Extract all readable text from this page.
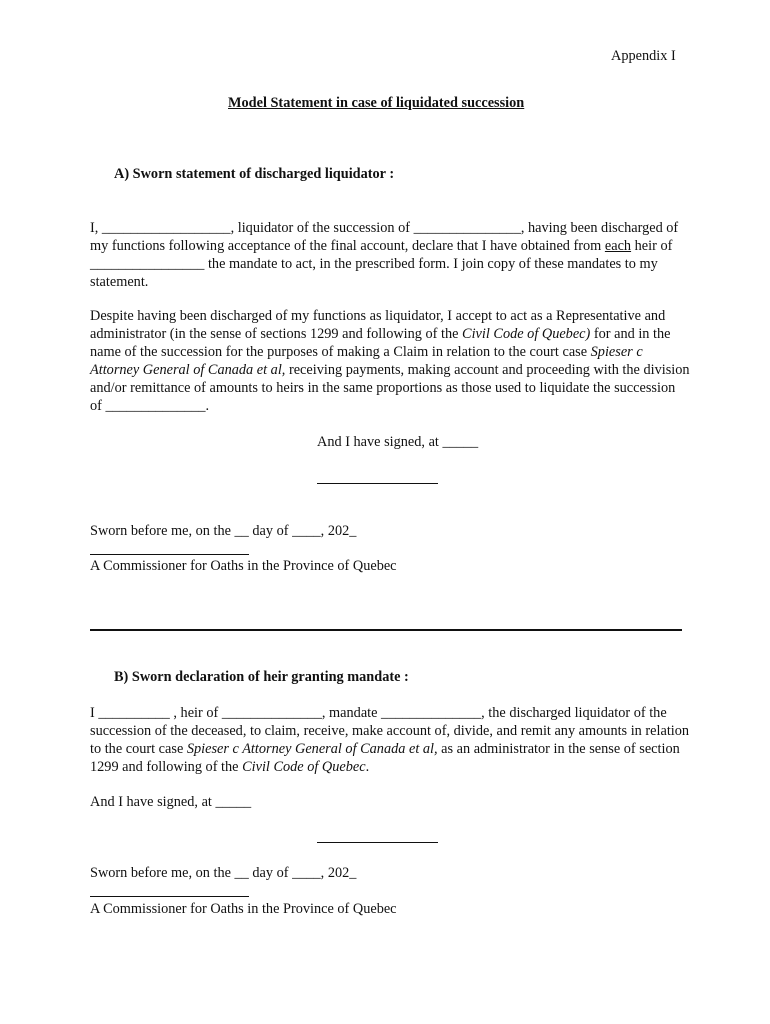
Appendix I
Model Statement in case of liquidated succession
A) Sworn statement of discharged liquidator :
I, __________________, liquidator of the succession of _______________, having been discharged of my functions following acceptance of the final account, declare that I have obtained from each heir of ________________ the mandate to act, in the prescribed form. I join copy of these mandates to my statement.
Despite having been discharged of my functions as liquidator, I accept to act as a Representative and administrator (in the sense of sections 1299 and following of the Civil Code of Quebec) for and in the name of the succession for the purposes of making a Claim in relation to the court case Spieser c Attorney General of Canada et al, receiving payments, making account and proceeding with the division and/or remittance of amounts to heirs in the same proportions as those used to liquidate the succession of ______________.
And I have signed, at _____
Sworn before me, on the __ day of ____, 202_
A Commissioner for Oaths in the Province of Quebec
B) Sworn declaration of heir granting mandate :
I __________ , heir of ______________, mandate ______________, the discharged liquidator of the succession of the deceased, to claim, receive, make account of, divide, and remit any amounts in relation to the court case Spieser c Attorney General of Canada et al, as an administrator in the sense of section 1299 and following of the Civil Code of Quebec.
And I have signed, at _____
Sworn before me, on the __ day of ____, 202_
A Commissioner for Oaths in the Province of Quebec
